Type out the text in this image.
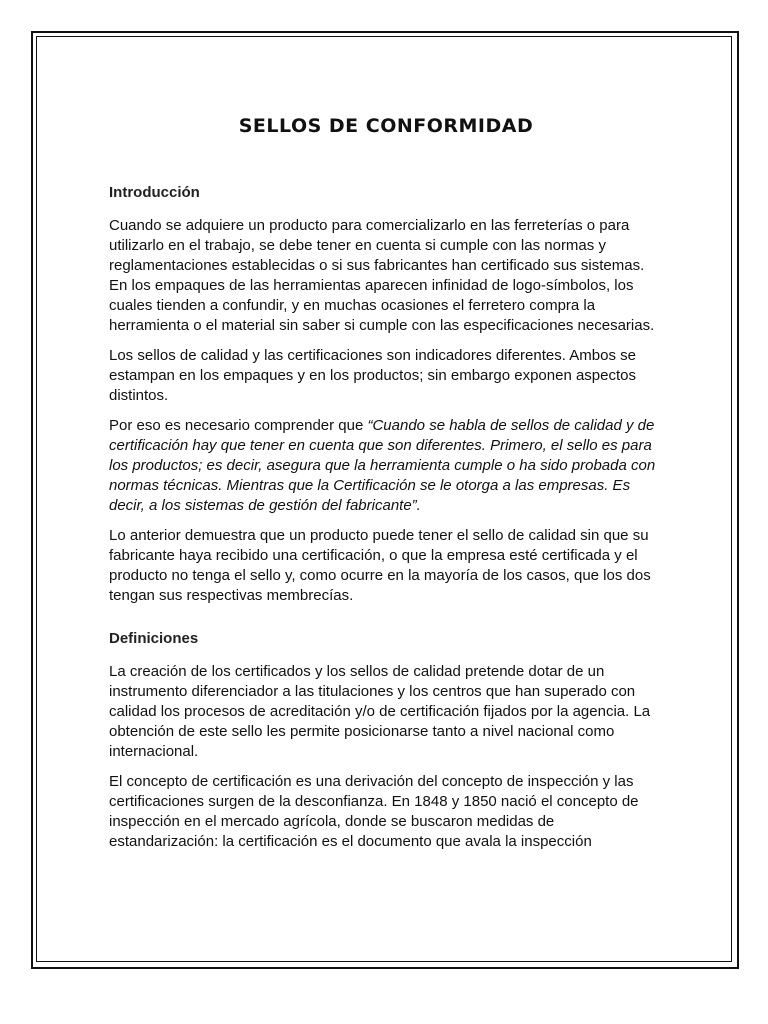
SELLOS DE CONFORMIDAD
Introducción

Cuando se adquiere un producto para comercializarlo en las ferreterías o para utilizarlo en el trabajo, se debe tener en cuenta si cumple con las normas y reglamentaciones establecidas o si sus fabricantes han certificado sus sistemas. En los empaques de las herramientas aparecen infinidad de logo-símbolos, los cuales tienden a confundir, y en muchas ocasiones el ferretero compra la herramienta o el material sin saber si cumple con las especificaciones necesarias.

Los sellos de calidad y las certificaciones son indicadores diferentes. Ambos se estampan en los empaques y en los productos; sin embargo exponen aspectos distintos.

Por eso es necesario comprender que “Cuando se habla de sellos de calidad y de certificación hay que tener en cuenta que son diferentes. Primero, el sello es para los productos; es decir, asegura que la herramienta cumple o ha sido probada con normas técnicas. Mientras que la Certificación se le otorga a las empresas. Es decir, a los sistemas de gestión del fabricante”.

Lo anterior demuestra que un producto puede tener el sello de calidad sin que su fabricante haya recibido una certificación, o que la empresa esté certificada y el producto no tenga el sello y, como ocurre en la mayoría de los casos, que los dos tengan sus respectivas membrecías.

Definiciones

La creación de los certificados y los sellos de calidad pretende dotar de un instrumento diferenciador a las titulaciones y los centros que han superado con calidad los procesos de acreditación y/o de certificación fijados por la agencia. La obtención de este sello les permite posicionarse tanto a nivel nacional como internacional.

El concepto de certificación es una derivación del concepto de inspección y las certificaciones surgen de la desconfianza. En 1848 y 1850 nació el concepto de inspección en el mercado agrícola, donde se buscaron medidas de estandarización: la certificación es el documento que avala la inspección
